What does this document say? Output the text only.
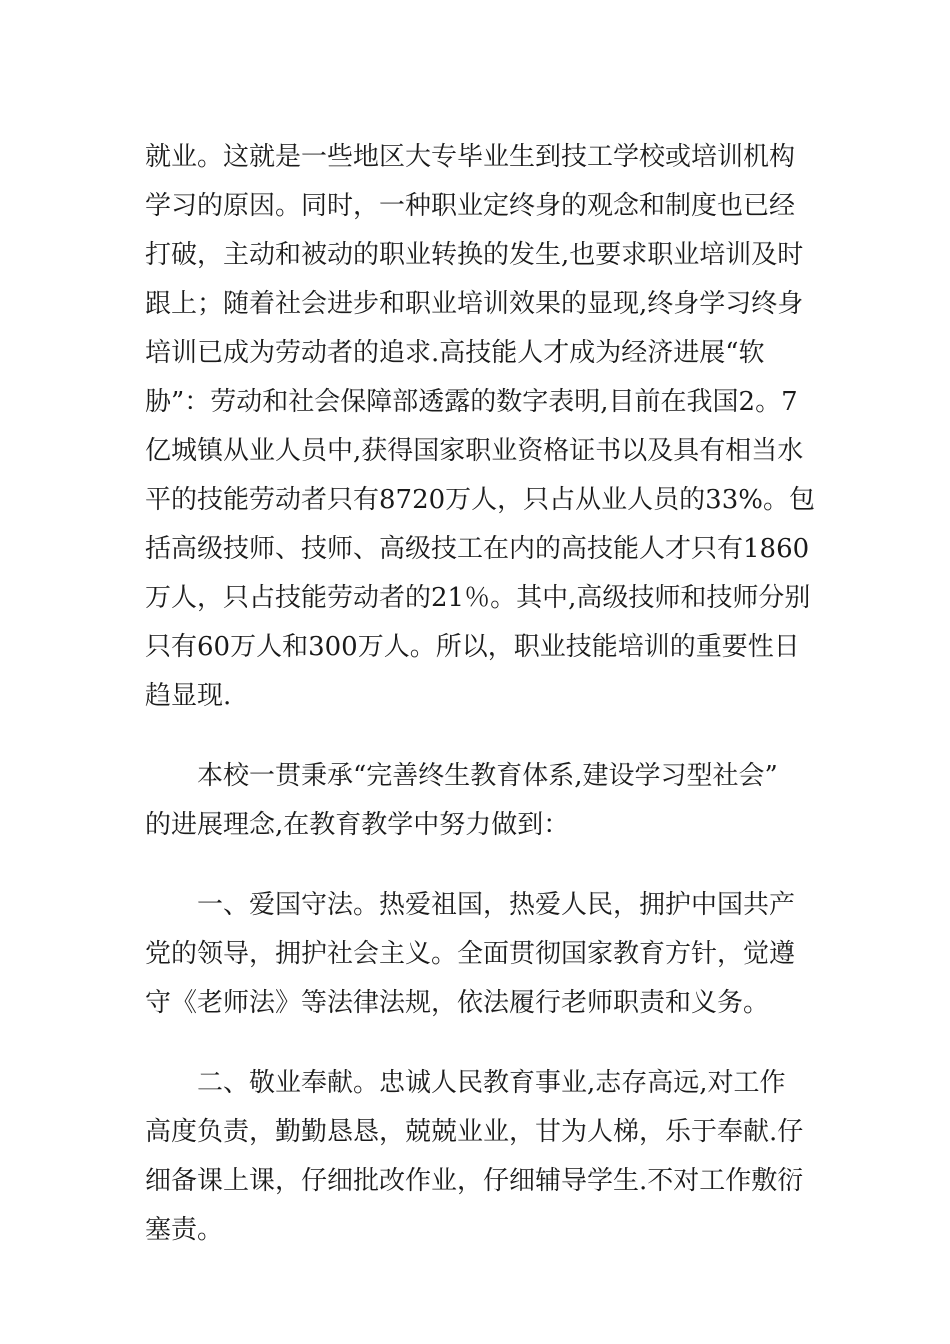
就业。这就是一些地区大专毕业生到技工学校或培训机构
学习的原因。同时，一种职业定终身的观念和制度也已经
打破，主动和被动的职业转换的发生,也要求职业培训及时
跟上；随着社会进步和职业培训效果的显现,终身学习终身
培训已成为劳动者的追求.高技能人才成为经济进展“软
胁”：劳动和社会保障部透露的数字表明,目前在我国2。7
亿城镇从业人员中,获得国家职业资格证书以及具有相当水
平的技能劳动者只有8720万人，只占从业人员的33%。包
括高级技师、技师、高级技工在内的高技能人才只有1860
万人，只占技能劳动者的21％。其中,高级技师和技师分别
只有60万人和300万人。所以，职业技能培训的重要性日
趋显现.
本校一贯秉承“完善终生教育体系,建设学习型社会”
的进展理念,在教育教学中努力做到：
一、爱国守法。热爱祖国，热爱人民，拥护中国共产
党的领导，拥护社会主义。全面贯彻国家教育方针，觉遵
守《老师法》等法律法规，依法履行老师职责和义务。
二、敬业奉献。忠诚人民教育事业,志存高远,对工作
高度负责，勤勤恳恳，兢兢业业，甘为人梯，乐于奉献.仔
细备课上课，仔细批改作业，仔细辅导学生.不对工作敷衍
塞责。
